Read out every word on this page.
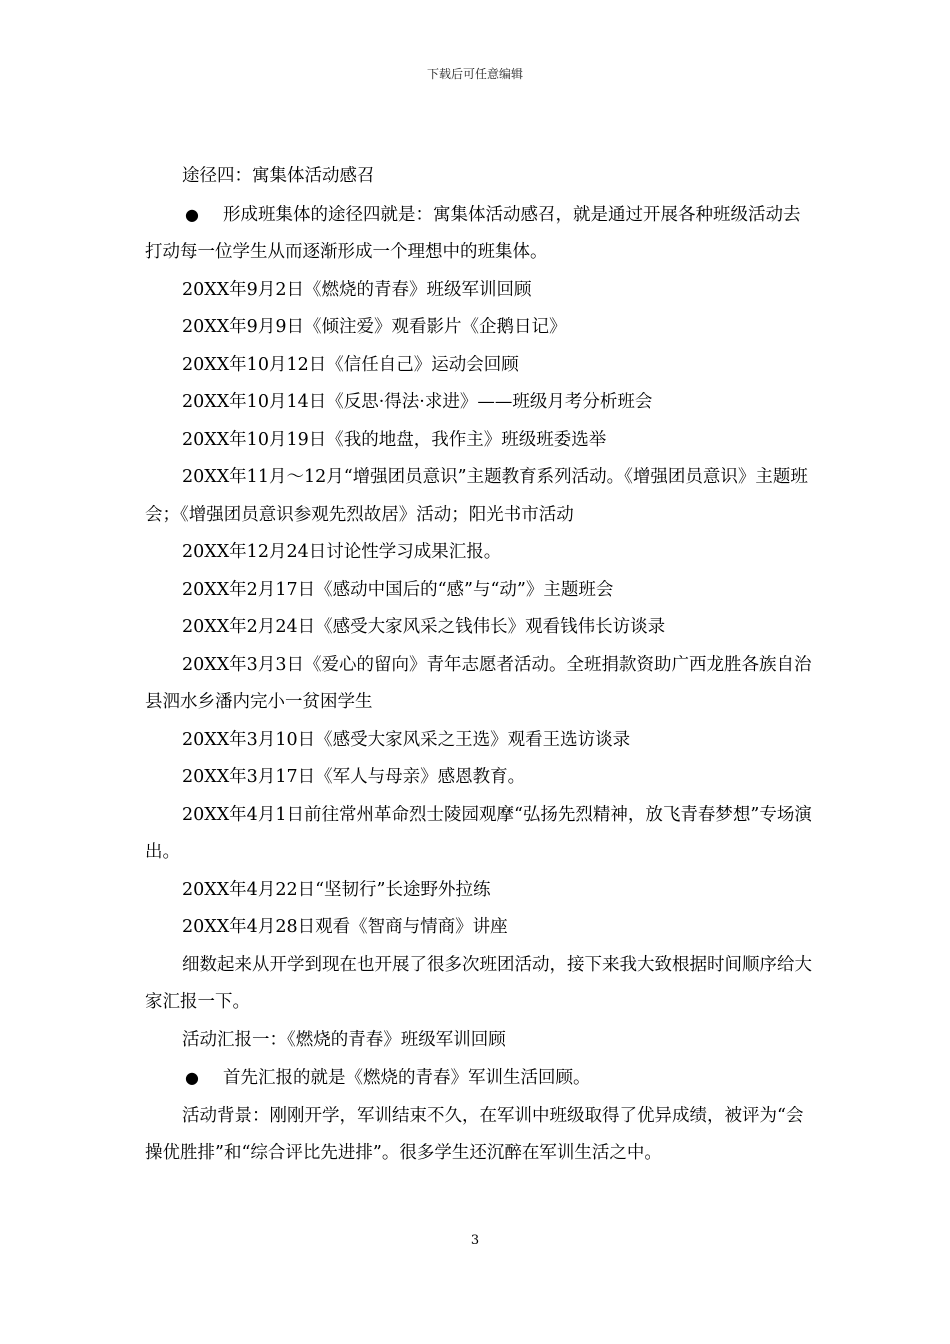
下载后可任意编辑

途径四：寓集体活动感召

● 形成班集体的途径四就是：寓集体活动感召，就是通过开展各种班级活动去打动每一位学生从而逐渐形成一个理想中的班集体。

20XX年9月2日《燃烧的青春》班级军训回顾

20XX年9月9日《倾注爱》观看影片《企鹅日记》

20XX年10月12日《信任自己》运动会回顾

20XX年10月14日《反思·得法·求进》——班级月考分析班会

20XX年10月19日《我的地盘，我作主》班级班委选举

20XX年11月～12月“增强团员意识”主题教育系列活动。《增强团员意识》主题班会；《增强团员意识参观先烈故居》活动；阳光书市活动

20XX年12月24日讨论性学习成果汇报。

20XX年2月17日《感动中国后的“感”与“动”》主题班会

20XX年2月24日《感受大家风采之钱伟长》观看钱伟长访谈录

20XX年3月3日《爱心的留向》青年志愿者活动。全班捐款资助广西龙胜各族自治县泗水乡潘内完小一贫困学生

20XX年3月10日《感受大家风采之王选》观看王选访谈录

20XX年3月17日《军人与母亲》感恩教育。

20XX年4月1日前往常州革命烈士陵园观摩“弘扬先烈精神，放飞青春梦想”专场演出。

20XX年4月22日“坚韧行”长途野外拉练

20XX年4月28日观看《智商与情商》讲座

细数起来从开学到现在也开展了很多次班团活动，接下来我大致根据时间顺序给大家汇报一下。

活动汇报一：《燃烧的青春》班级军训回顾

● 首先汇报的就是《燃烧的青春》军训生活回顾。

活动背景：刚刚开学，军训结束不久，在军训中班级取得了优异成绩，被评为“会操优胜排”和“综合评比先进排”。很多学生还沉醉在军训生活之中。

3
